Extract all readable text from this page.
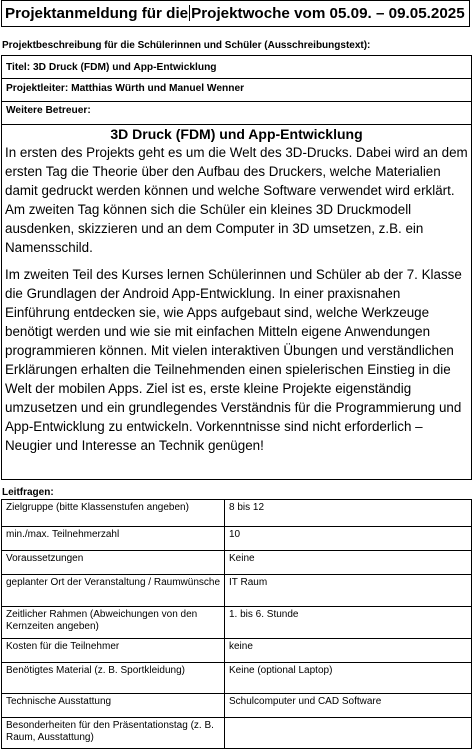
Projektanmeldung für die Projektwoche vom 05.09. – 09.05.2025
Projektbeschreibung für die Schülerinnen und Schüler (Ausschreibungstext):
Titel: 3D Druck (FDM) und App-Entwicklung
Projektleiter: Matthias Würth und Manuel Wenner
Weitere Betreuer:
3D Druck (FDM) und App-Entwicklung

In ersten des Projekts geht es um die Welt des 3D-Drucks. Dabei wird an dem ersten Tag die Theorie über den Aufbau des Druckers, welche Materialien damit gedruckt werden können und welche Software verwendet wird erklärt. Am zweiten Tag können sich die Schüler ein kleines 3D Druckmodell ausdenken, skizzieren und an dem Computer in 3D umsetzen, z.B. ein Namensschild.

Im zweiten Teil des Kurses lernen Schülerinnen und Schüler ab der 7. Klasse die Grundlagen der Android App-Entwicklung. In einer praxisnahen Einführung entdecken sie, wie Apps aufgebaut sind, welche Werkzeuge benötigt werden und wie sie mit einfachen Mitteln eigene Anwendungen programmieren können. Mit vielen interaktiven Übungen und verständlichen Erklärungen erhalten die Teilnehmenden einen spielerischen Einstieg in die Welt der mobilen Apps. Ziel ist es, erste kleine Projekte eigenständig umzusetzen und ein grundlegendes Verständnis für die Programmierung und App-Entwicklung zu entwickeln. Vorkenntnisse sind nicht erforderlich – Neugier und Interesse an Technik genügen!

Leitfragen:
Zielgruppe (bitte Klassenstufen angeben)	8 bis 12
min./max. Teilnehmerzahl	10
Voraussetzungen	Keine
geplanter Ort der Veranstaltung / Raumwünsche	IT Raum
Zeitlicher Rahmen (Abweichungen von den Kernzeiten angeben)	1. bis 6. Stunde
Kosten für die Teilnehmer	keine
Benötigtes Material (z. B. Sportkleidung)	Keine (optional Laptop)
Technische Ausstattung	Schulcomputer und CAD Software
Besonderheiten für den Präsentationstag (z. B. Raum, Ausstattung)	
